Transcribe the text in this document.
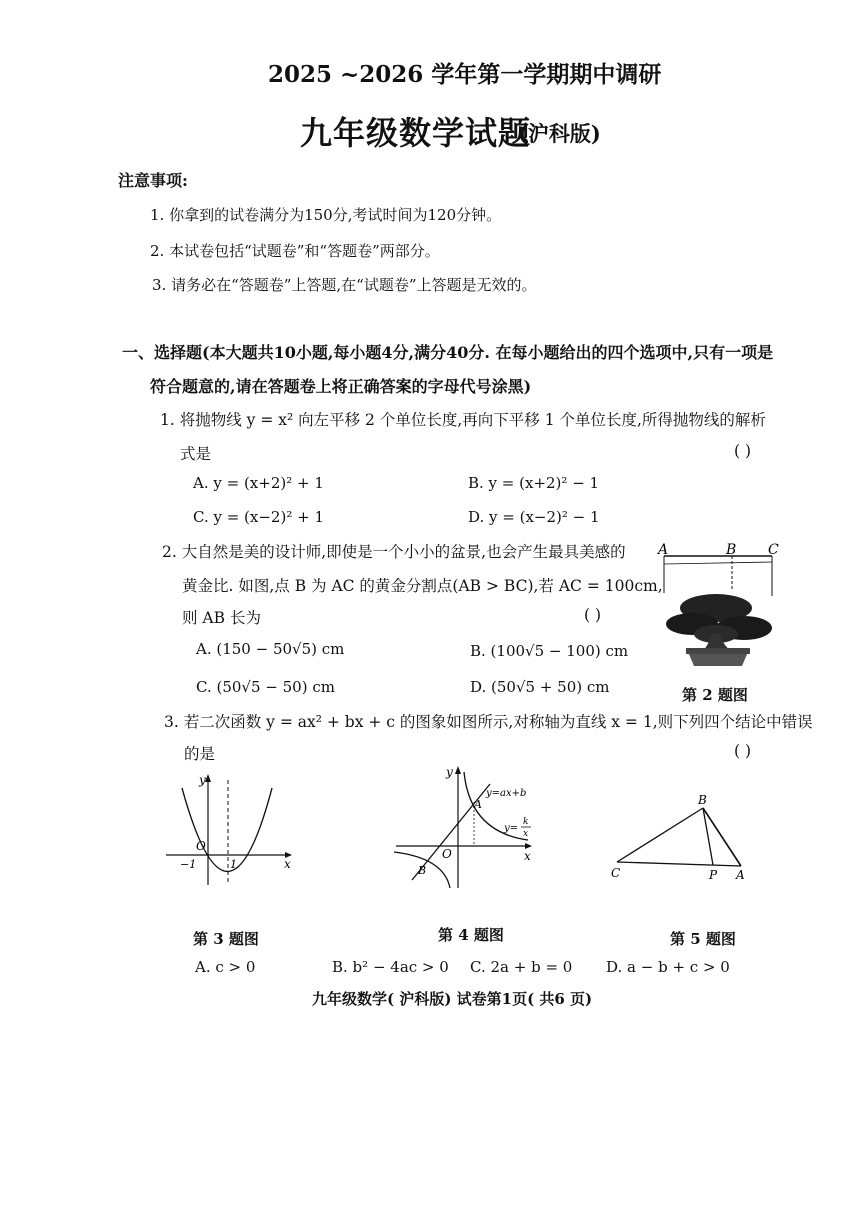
2025 ~2026 学年第一学期期中调研
九年级数学试题
(沪科版)
注意事项:
1. 你拿到的试卷满分为150分,考试时间为120分钟。
2. 本试卷包括“试题卷”和“答题卷”两部分。
3. 请务必在“答题卷”上答题,在“试题卷”上答题是无效的。
一、选择题(本大题共10小题,每小题4分,满分40分. 在每小题给出的四个选项中,只有一项是
符合题意的,请在答题卷上将正确答案的字母代号涂黑)
1. 将抛物线 y = x² 向左平移 2 个单位长度,再向下平移 1 个单位长度,所得抛物线的解析
式是	( )
A. y = (x+2)² + 1	B. y = (x+2)² − 1
C. y = (x−2)² + 1	D. y = (x−2)² − 1
2. 大自然是美的设计师,即使是一个小小的盆景,也会产生最具美感的
黄金比. 如图,点 B 为 AC 的黄金分割点(AB > BC),若 AC = 100cm,
则 AB 长为	( )
A. (150 − 50√5) cm	B. (100√5 − 100) cm
C. (50√5 − 50) cm	D. (50√5 + 50) cm
A	B C
第 2 题图
3. 若二次函数 y = ax² + bx + c 的图象如图所示,对称轴为直线 x = 1,则下列四个结论中错误
的是	( )
y
x
O
−1	1
第 3 题图
y
x
O
A
B
y=ax+b
y=
k
x
第 4 题图
B
C	P A
第 5 题图
A. c > 0	B. b² − 4ac > 0 C. 2a + b = 0 D. a − b + c > 0
九年级数学( 沪科版) 试卷第1页( 共6 页)
